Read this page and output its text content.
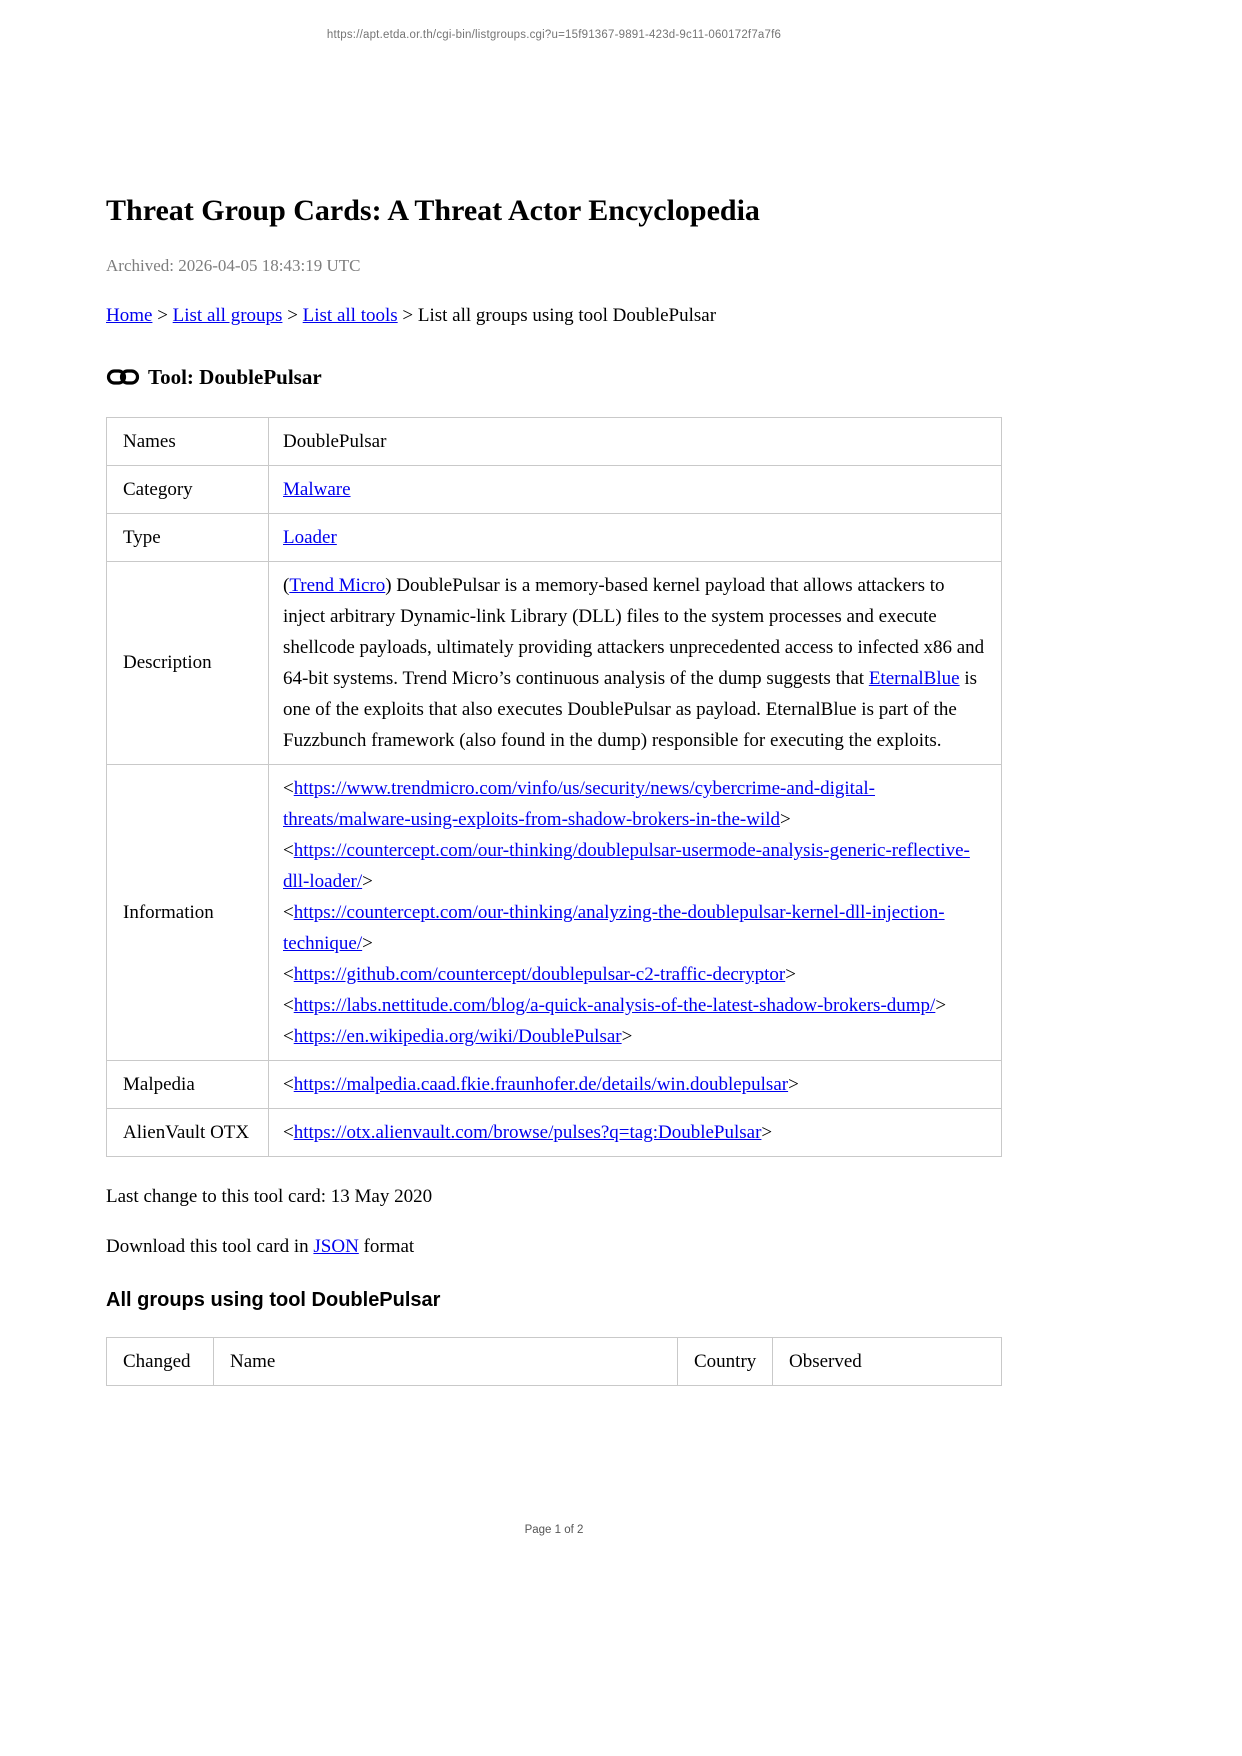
https://apt.etda.or.th/cgi-bin/listgroups.cgi?u=15f91367-9891-423d-9c11-060172f7a7f6
Threat Group Cards: A Threat Actor Encyclopedia
Archived: 2026-04-05 18:43:19 UTC
Home > List all groups > List all tools > List all groups using tool DoublePulsar
Tool: DoublePulsar
Names	DoublePulsar

Category	Malware

Type	Loader

Description	(Trend Micro) DoublePulsar is a memory-based kernel payload that allows attackers to inject arbitrary Dynamic-link Library (DLL) files to the system processes and execute shellcode payloads, ultimately providing attackers unprecedented access to infected x86 and 64-bit systems. Trend Micro’s continuous analysis of the dump suggests that EternalBlue is one of the exploits that also executes DoublePulsar as payload. EternalBlue is part of the Fuzzbunch framework (also found in the dump) responsible for executing the exploits.

Information	
<https://www.trendmicro.com/vinfo/us/security/news/cybercrime-and-digital-threats/malware-using-exploits-from-shadow-brokers-in-the-wild>
<https://countercept.com/our-thinking/doublepulsar-usermode-analysis-generic-reflective-dll-loader/>
<https://countercept.com/our-thinking/analyzing-the-doublepulsar-kernel-dll-injection-technique/>
<https://github.com/countercept/doublepulsar-c2-traffic-decryptor>
<https://labs.nettitude.com/blog/a-quick-analysis-of-the-latest-shadow-brokers-dump/>
<https://en.wikipedia.org/wiki/DoublePulsar>

Malpedia	<https://malpedia.caad.fkie.fraunhofer.de/details/win.doublepulsar>

AlienVault OTX	<https://otx.alienvault.com/browse/pulses?q=tag:DoublePulsar>

Last change to this tool card: 13 May 2020

Download this tool card in JSON format

All groups using tool DoublePulsar
Changed	Name	Country	Observed
Page 1 of 2
